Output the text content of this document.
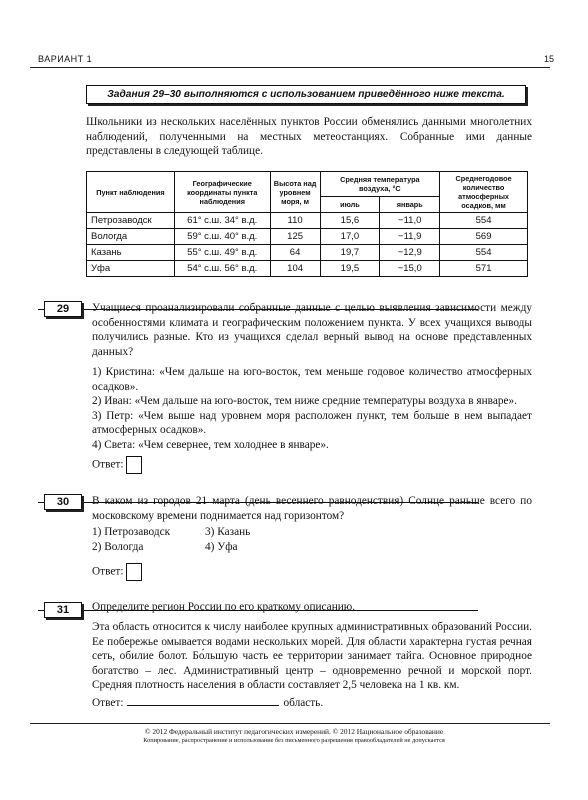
ВАРИАНТ 1	15
Задания 29–30 выполняются с использованием приведённого ниже текста.
Школьники из нескольких населённых пунктов России обменялись данными многолетних наблюдений, полученными на местных метеостанциях. Собранные ими данные представлены в следующей таблице.
Пункт наблюдения	Географические координаты пункта наблюдения	Высота над уровнем моря, м	Средняя температура воздуха, °С		Среднегодовое количество атмосферных осадков, мм
			июль	январь	
Петрозаводск	61° с.ш. 34° в.д.	110	15,6	−11,0	554
Вологда	59° с.ш. 40° в.д.	125	17,0	−11,9	569
Казань	55° с.ш. 49° в.д.	64	19,7	−12,9	554
Уфа	54° с.ш. 56° в.д.	104	19,5	−15,0	571
29	Учащиеся проанализировали собранные данные с целью выявления зависимости между особенностями климата и географическим положением пункта. У всех учащихся выводы получились разные. Кто из учащихся сделал верный вывод на основе представленных данных?
1) Кристина: «Чем дальше на юго-восток, тем меньше годовое количество атмосферных осадков».
2) Иван: «Чем дальше на юго-восток, тем ниже средние температуры воздуха в январе».
3) Петр: «Чем выше над уровнем моря расположен пункт, тем больше в нем выпадает атмосферных осадков».
4) Света: «Чем севернее, тем холоднее в январе».
Ответ:
30	В каком из городов 21 марта (день весеннего равноденствия) Солнце раньше всего по московскому времени поднимается над горизонтом?
1) Петрозаводск
2) Вологда
3) Казань
4) Уфа
Ответ:
31	Определите регион России по его краткому описанию.
Эта область относится к числу наиболее крупных административных образований России. Ее побережье омывается водами нескольких морей. Для области характерна густая речная сеть, обилие болот. Бо́льшую часть ее территории занимает тайга. Основное природное богатство – лес. Административный центр – одновременно речной и морской порт. Средняя плотность населения в области составляет 2,5 человека на 1 кв. км.
Ответ:	область.
© 2012 Федеральный институт педагогических измерений. © 2012 Национальное образование
Копирование, распространение и использование без письменного разрешения правообладателей не допускается
